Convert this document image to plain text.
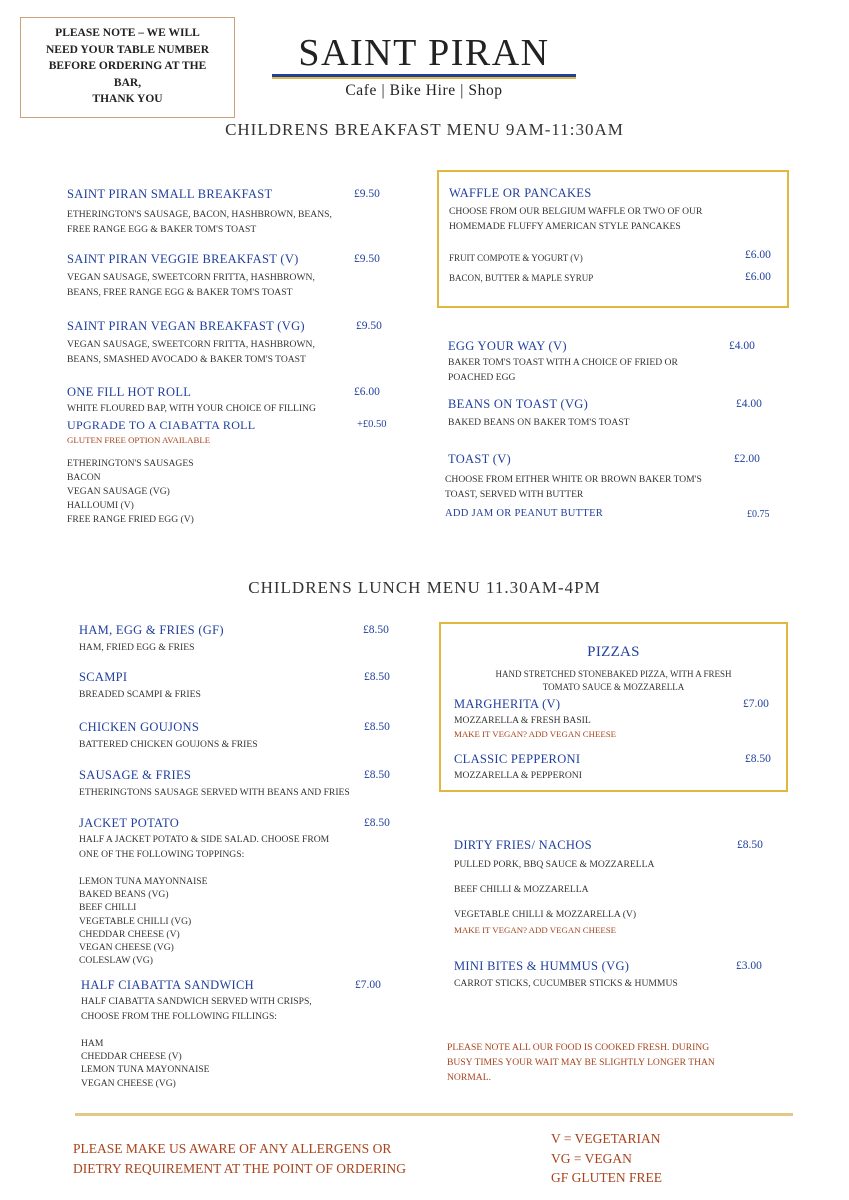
PLEASE NOTE – WE WILL
NEED YOUR TABLE NUMBER
BEFORE ORDERING AT THE
BAR,
THANK YOU
SAINT PIRAN
Cafe | Bike Hire | Shop
CHILDRENS BREAKFAST MENU 9AM-11:30AM
SAINT PIRAN SMALL BREAKFAST	£9.50
ETHERINGTON'S SAUSAGE, BACON, HASHBROWN, BEANS,
FREE RANGE EGG & BAKER TOM'S TOAST
SAINT PIRAN VEGGIE BREAKFAST (V)	£9.50
VEGAN SAUSAGE, SWEETCORN FRITTA, HASHBROWN,
BEANS, FREE RANGE EGG & BAKER TOM'S TOAST
SAINT PIRAN VEGAN BREAKFAST (VG)	£9.50
VEGAN SAUSAGE, SWEETCORN FRITTA, HASHBROWN,
BEANS, SMASHED AVOCADO & BAKER TOM'S TOAST
ONE FILL HOT ROLL	£6.00
WHITE FLOURED BAP, WITH YOUR CHOICE OF FILLING
UPGRADE TO A CIABATTA ROLL	+£0.50
GLUTEN FREE OPTION AVAILABLE
ETHERINGTON'S SAUSAGES
BACON
VEGAN SAUSAGE (VG)
HALLOUMI (V)
FREE RANGE FRIED EGG (V)
WAFFLE OR PANCAKES
CHOOSE FROM OUR BELGIUM WAFFLE OR TWO OF OUR
HOMEMADE FLUFFY AMERICAN STYLE PANCAKES
FRUIT COMPOTE & YOGURT (V)	£6.00
BACON, BUTTER & MAPLE SYRUP	£6.00
EGG YOUR WAY (V)	£4.00
BAKER TOM'S TOAST WITH A CHOICE OF FRIED OR
POACHED EGG
BEANS ON TOAST (VG)	£4.00
BAKED BEANS ON BAKER TOM'S TOAST
TOAST (V)	£2.00
CHOOSE FROM EITHER WHITE OR BROWN BAKER TOM'S
TOAST, SERVED WITH BUTTER
ADD JAM OR PEANUT BUTTER	£0.75
CHILDRENS LUNCH MENU 11.30AM-4PM
HAM, EGG & FRIES (GF)	£8.50
HAM, FRIED EGG & FRIES
SCAMPI	£8.50
BREADED SCAMPI & FRIES
CHICKEN GOUJONS	£8.50
BATTERED CHICKEN GOUJONS & FRIES
SAUSAGE & FRIES	£8.50
ETHERINGTONS SAUSAGE SERVED WITH BEANS AND FRIES
JACKET POTATO	£8.50
HALF A JACKET POTATO & SIDE SALAD. CHOOSE FROM
ONE OF THE FOLLOWING TOPPINGS:
LEMON TUNA MAYONNAISE
BAKED BEANS (VG)
BEEF CHILLI
VEGETABLE CHILLI (VG)
CHEDDAR CHEESE (V)
VEGAN CHEESE (VG)
COLESLAW (VG)
HALF CIABATTA SANDWICH	£7.00
HALF CIABATTA SANDWICH SERVED WITH CRISPS,
CHOOSE FROM THE FOLLOWING FILLINGS:
HAM
CHEDDAR CHEESE (V)
LEMON TUNA MAYONNAISE
VEGAN CHEESE (VG)
PIZZAS
HAND STRETCHED STONEBAKED PIZZA, WITH A FRESH
TOMATO SAUCE & MOZZARELLA
MARGHERITA (V)	£7.00
MOZZARELLA & FRESH BASIL
MAKE IT VEGAN? ADD VEGAN CHEESE
CLASSIC PEPPERONI	£8.50
MOZZARELLA & PEPPERONI
DIRTY FRIES/ NACHOS	£8.50
PULLED PORK, BBQ SAUCE & MOZZARELLA
BEEF CHILLI & MOZZARELLA
VEGETABLE CHILLI & MOZZARELLA (V)
MAKE IT VEGAN? ADD VEGAN CHEESE
MINI BITES & HUMMUS (VG)	£3.00
CARROT STICKS, CUCUMBER STICKS & HUMMUS
PLEASE NOTE ALL OUR FOOD IS COOKED FRESH. DURING
BUSY TIMES YOUR WAIT MAY BE SLIGHTLY LONGER THAN
NORMAL.
PLEASE MAKE US AWARE OF ANY ALLERGENS OR
DIETRY REQUIREMENT AT THE POINT OF ORDERING
V = VEGETARIAN
VG = VEGAN
GF GLUTEN FREE
